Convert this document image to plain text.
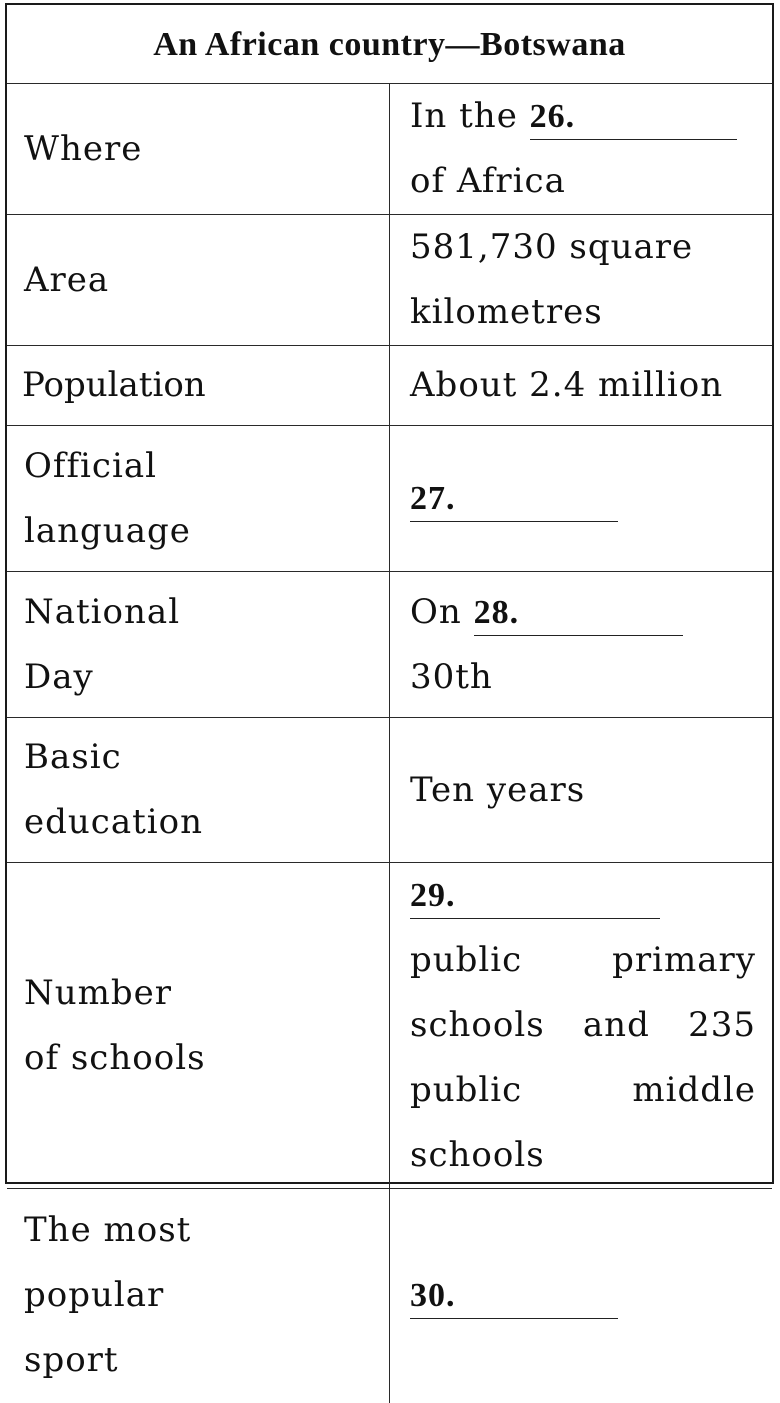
An African country—Botswana	
Where	In the 26.of Africa
Area	581,730 square kilometres
Population	About 2.4 million

Official
language	27.

National
Day	On 28.30th

Basic
education	Ten years

Number
of schools	29. public primary schools and 235 public middle schools

The most
popular
sport	30.
